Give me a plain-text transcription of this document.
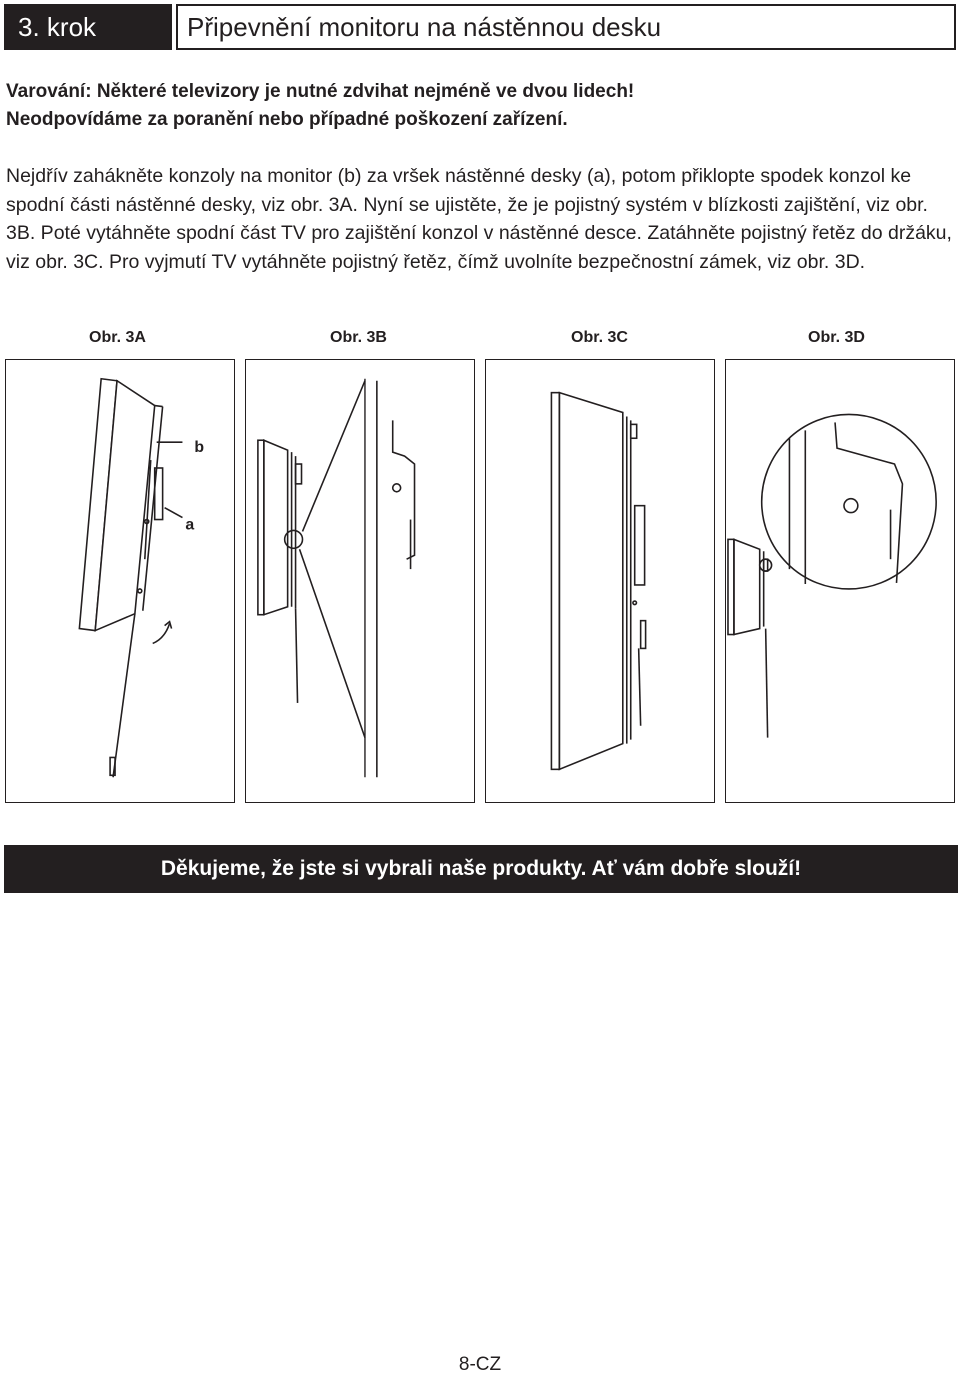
3. krok	Připevnění monitoru na nástěnnou desku
Varování: Některé televizory je nutné zdvihat nejméně ve dvou lidech!
Neodpovídáme za poranění nebo případné poškození zařízení.

Nejdřív zahákněte konzoly na monitor (b) za vršek nástěnné desky (a), potom přiklopte spodek konzol ke spodní části nástěnné desky, viz obr. 3A. Nyní se ujistěte, že je pojistný systém v blízkosti zajištění, viz obr. 3B. Poté vytáhněte spodní část TV pro zajištění konzol v nástěnné desce. Zatáhněte pojistný řetěz do držáku, viz obr. 3C. Pro vyjmutí TV vytáhněte pojistný řetěz, čímž uvolníte bezpečnostní zámek, viz obr. 3D.

Obr. 3A	Obr. 3B	Obr. 3C	Obr. 3D
b
a
Děkujeme, že jste si vybrali naše produkty. Ať vám dobře slouží!
8-CZ
